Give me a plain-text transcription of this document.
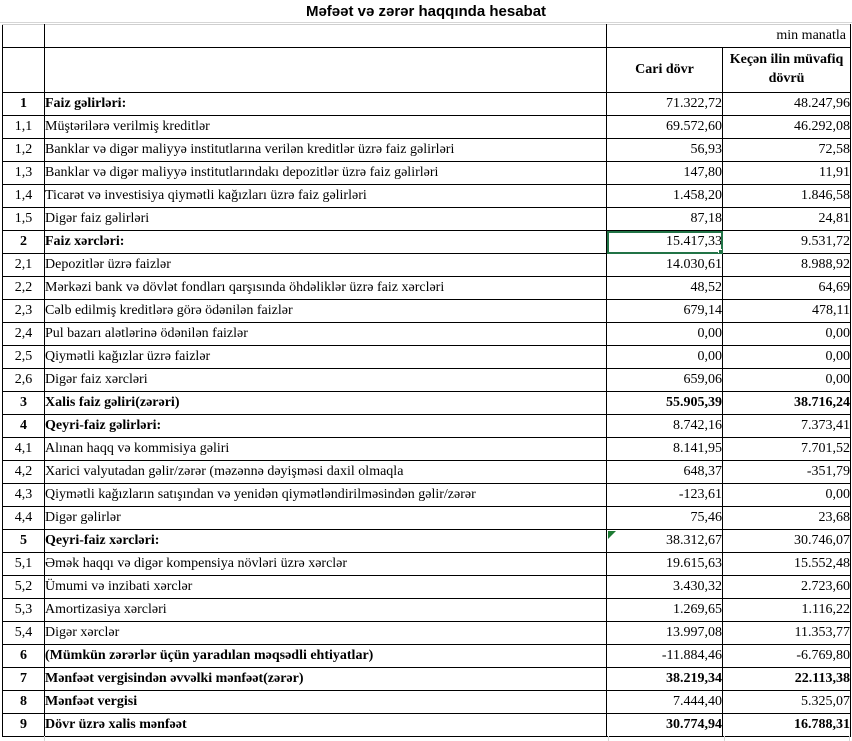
Məfəət və zərər haqqında hesabat
		min manatla	
		Cari dövr	Keçən ilin müvafiq dövrü
1	Faiz gəlirləri:	71.322,72	48.247,96
1,1	Müştərilərə verilmiş kreditlər	69.572,60	46.292,08
1,2	Banklar və digər maliyyə institutlarına verilən kreditlər üzrə faiz gəlirləri	56,93	72,58
1,3	Banklar və digər maliyyə institutlarındakı depozitlər üzrə faiz gəlirləri	147,80	11,91
1,4	Ticarət və investisiya qiymətli kağızları üzrə faiz gəlirləri	1.458,20	1.846,58
1,5	Digər faiz gəlirləri	87,18	24,81
2	Faiz xərcləri:	15.417,33	9.531,72
2,1	Depozitlər üzrə faizlər	14.030,61	8.988,92
2,2	Mərkəzi bank və dövlət fondları qarşısında öhdəliklər üzrə faiz xərcləri	48,52	64,69
2,3	Cəlb edilmiş kreditlərə görə ödənilən faizlər	679,14	478,11
2,4	Pul bazarı alətlərinə ödənilən faizlər	0,00	0,00
2,5	Qiymətli kağızlar üzrə faizlər	0,00	0,00
2,6	Digər faiz xərcləri	659,06	0,00
3	Xalis faiz gəliri(zərəri)	55.905,39	38.716,24
4	Qeyri-faiz gəlirləri:	8.742,16	7.373,41
4,1	Alınan haqq və kommisiya gəliri	8.141,95	7.701,52
4,2	Xarici valyutadan gəlir/zərər (məzənnə dəyişməsi daxil olmaqla	648,37	-351,79
4,3	Qiymətli kağızların satışından və yenidən qiymətləndirilməsindən gəlir/zərər	-123,61	0,00
4,4	Digər gəlirlər	75,46	23,68
5	Qeyri-faiz xərcləri:	38.312,67	30.746,07
5,1	Əmək haqqı və digər kompensiya növləri üzrə xərclər	19.615,63	15.552,48
5,2	Ümumi və inzibati xərclər	3.430,32	2.723,60
5,3	Amortizasiya xərcləri	1.269,65	1.116,22
5,4	Digər xərclər	13.997,08	11.353,77
6	(Mümkün zərərlər üçün yaradılan məqsədli ehtiyatlar)	-11.884,46	-6.769,80
7	Mənfəət vergisindən əvvəlki mənfəət(zərər)	38.219,34	22.113,38
8	Mənfəət vergisi	7.444,40	5.325,07
9	Dövr üzrə xalis mənfəət	30.774,94	16.788,31
